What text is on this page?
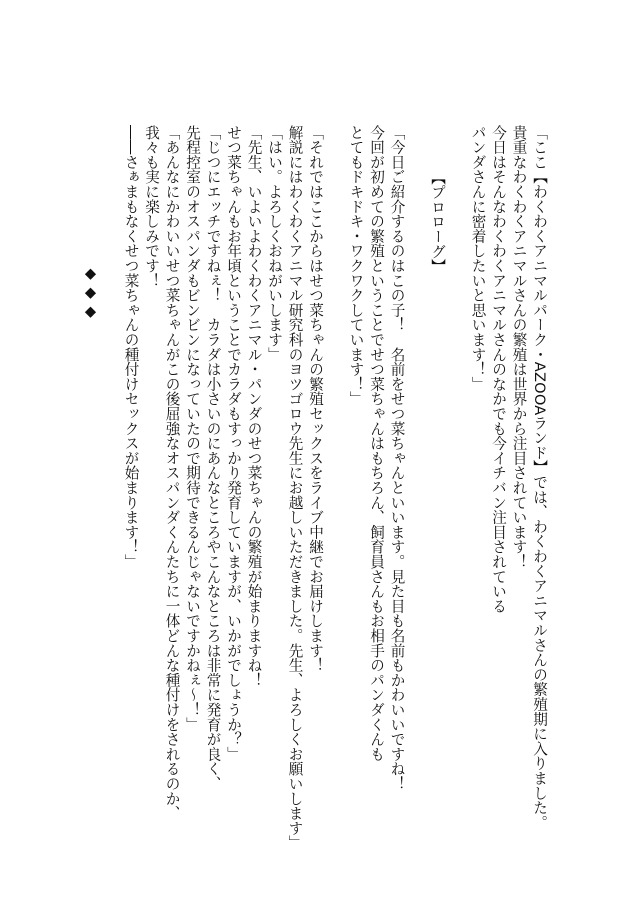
「ここ【わくわくアニマルパーク・AZOOAランド】では、わくわくアニマルさんの繁殖期に入りました。
貴重なわくわくアニマルさんの繁殖は世界から注目されています！
今日はそんなわくわくアニマルさんのなかでも今イチバン注目されている
パンダさんに密着したいと思います！」
【プロローグ】
「今日ご紹介するのはこの子！　名前をせつ菜ちゃんといいます。見た目も名前もかわいいですね！
今回が初めての繁殖ということでせつ菜ちゃんはもちろん、飼育員さんもお相手のパンダくんも
とてもドキドキ・ワクワクしています！」
「それではここからはせつ菜ちゃんの繁殖セックスをライブ中継でお届けします！
解説にはわくわくアニマル研究科のヨツゴロウ先生にお越しいただきました。先生、よろしくお願いします」
「はい。よろしくおねがいします」
「先生、いよいよわくわくアニマル・パンダのせつ菜ちゃんの繁殖が始まりますね！
せつ菜ちゃんもお年頃ということでカラダもすっかり発育していますが、いかがでしょうか？」
「じつにエッチですねぇ！　カラダは小さいのにあんなところやこんなところは非常に発育が良く、
先程控室のオスパンダもビンビンになっていたので期待できるんじゃないですかねぇ～！」
「あんなにかわいいせつ菜ちゃんがこの後屈強なオスパンダくんたちに一体どんな種付けをされるのか、
我々も実に楽しみです！
――さぁまもなくせつ菜ちゃんの種付けセックスが始まります！」
◆◆◆
